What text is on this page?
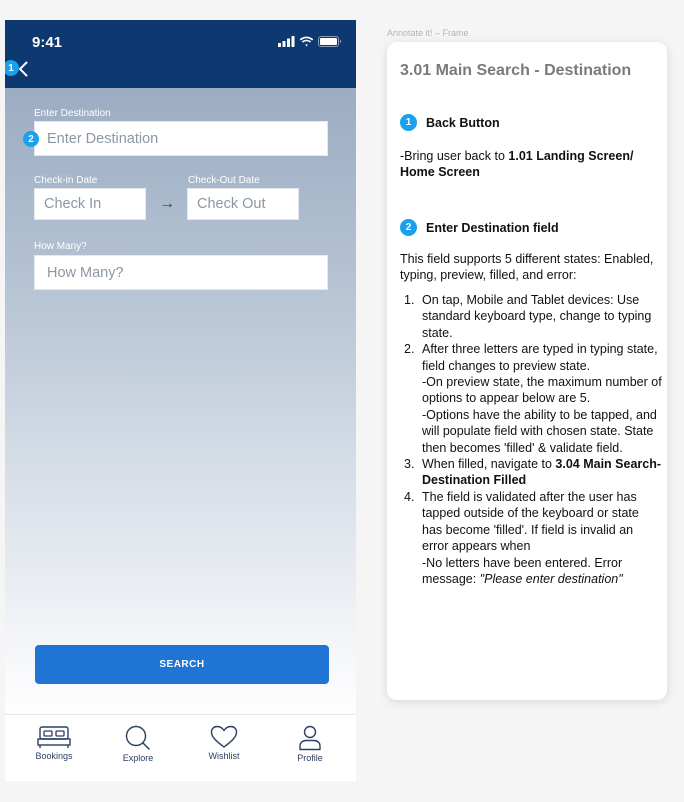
9:41
1
Enter Destination
2 Enter Destination
Check-in Date
Check In	→
Check-Out Date
Check Out
How Many?
How Many?
SEARCH
Bookings	Explore	Wishlist	Profile
Annotate it! – Frame
3.01 Main Search - Destination
1	Back Button
-Bring user back to 1.01 Landing Screen/ Home Screen
2	Enter Destination field
This field supports 5 different states: Enabled, typing, preview, filled, and error:
1. On tap, Mobile and Tablet devices: Use standard keyboard type, change to typing state.
2. After three letters are typed in typing state, field changes to preview state.
-On preview state, the maximum number of options to appear below are 5.
-Options have the ability to be tapped, and will populate field with chosen state. State then becomes 'filled' & validate field.
3. When filled, navigate to 3.04 Main Search- Destination Filled
4. The field is validated after the user has tapped outside of the keyboard or state has become 'filled'. If field is invalid an error appears when
-No letters have been entered. Error message: "Please enter destination"
